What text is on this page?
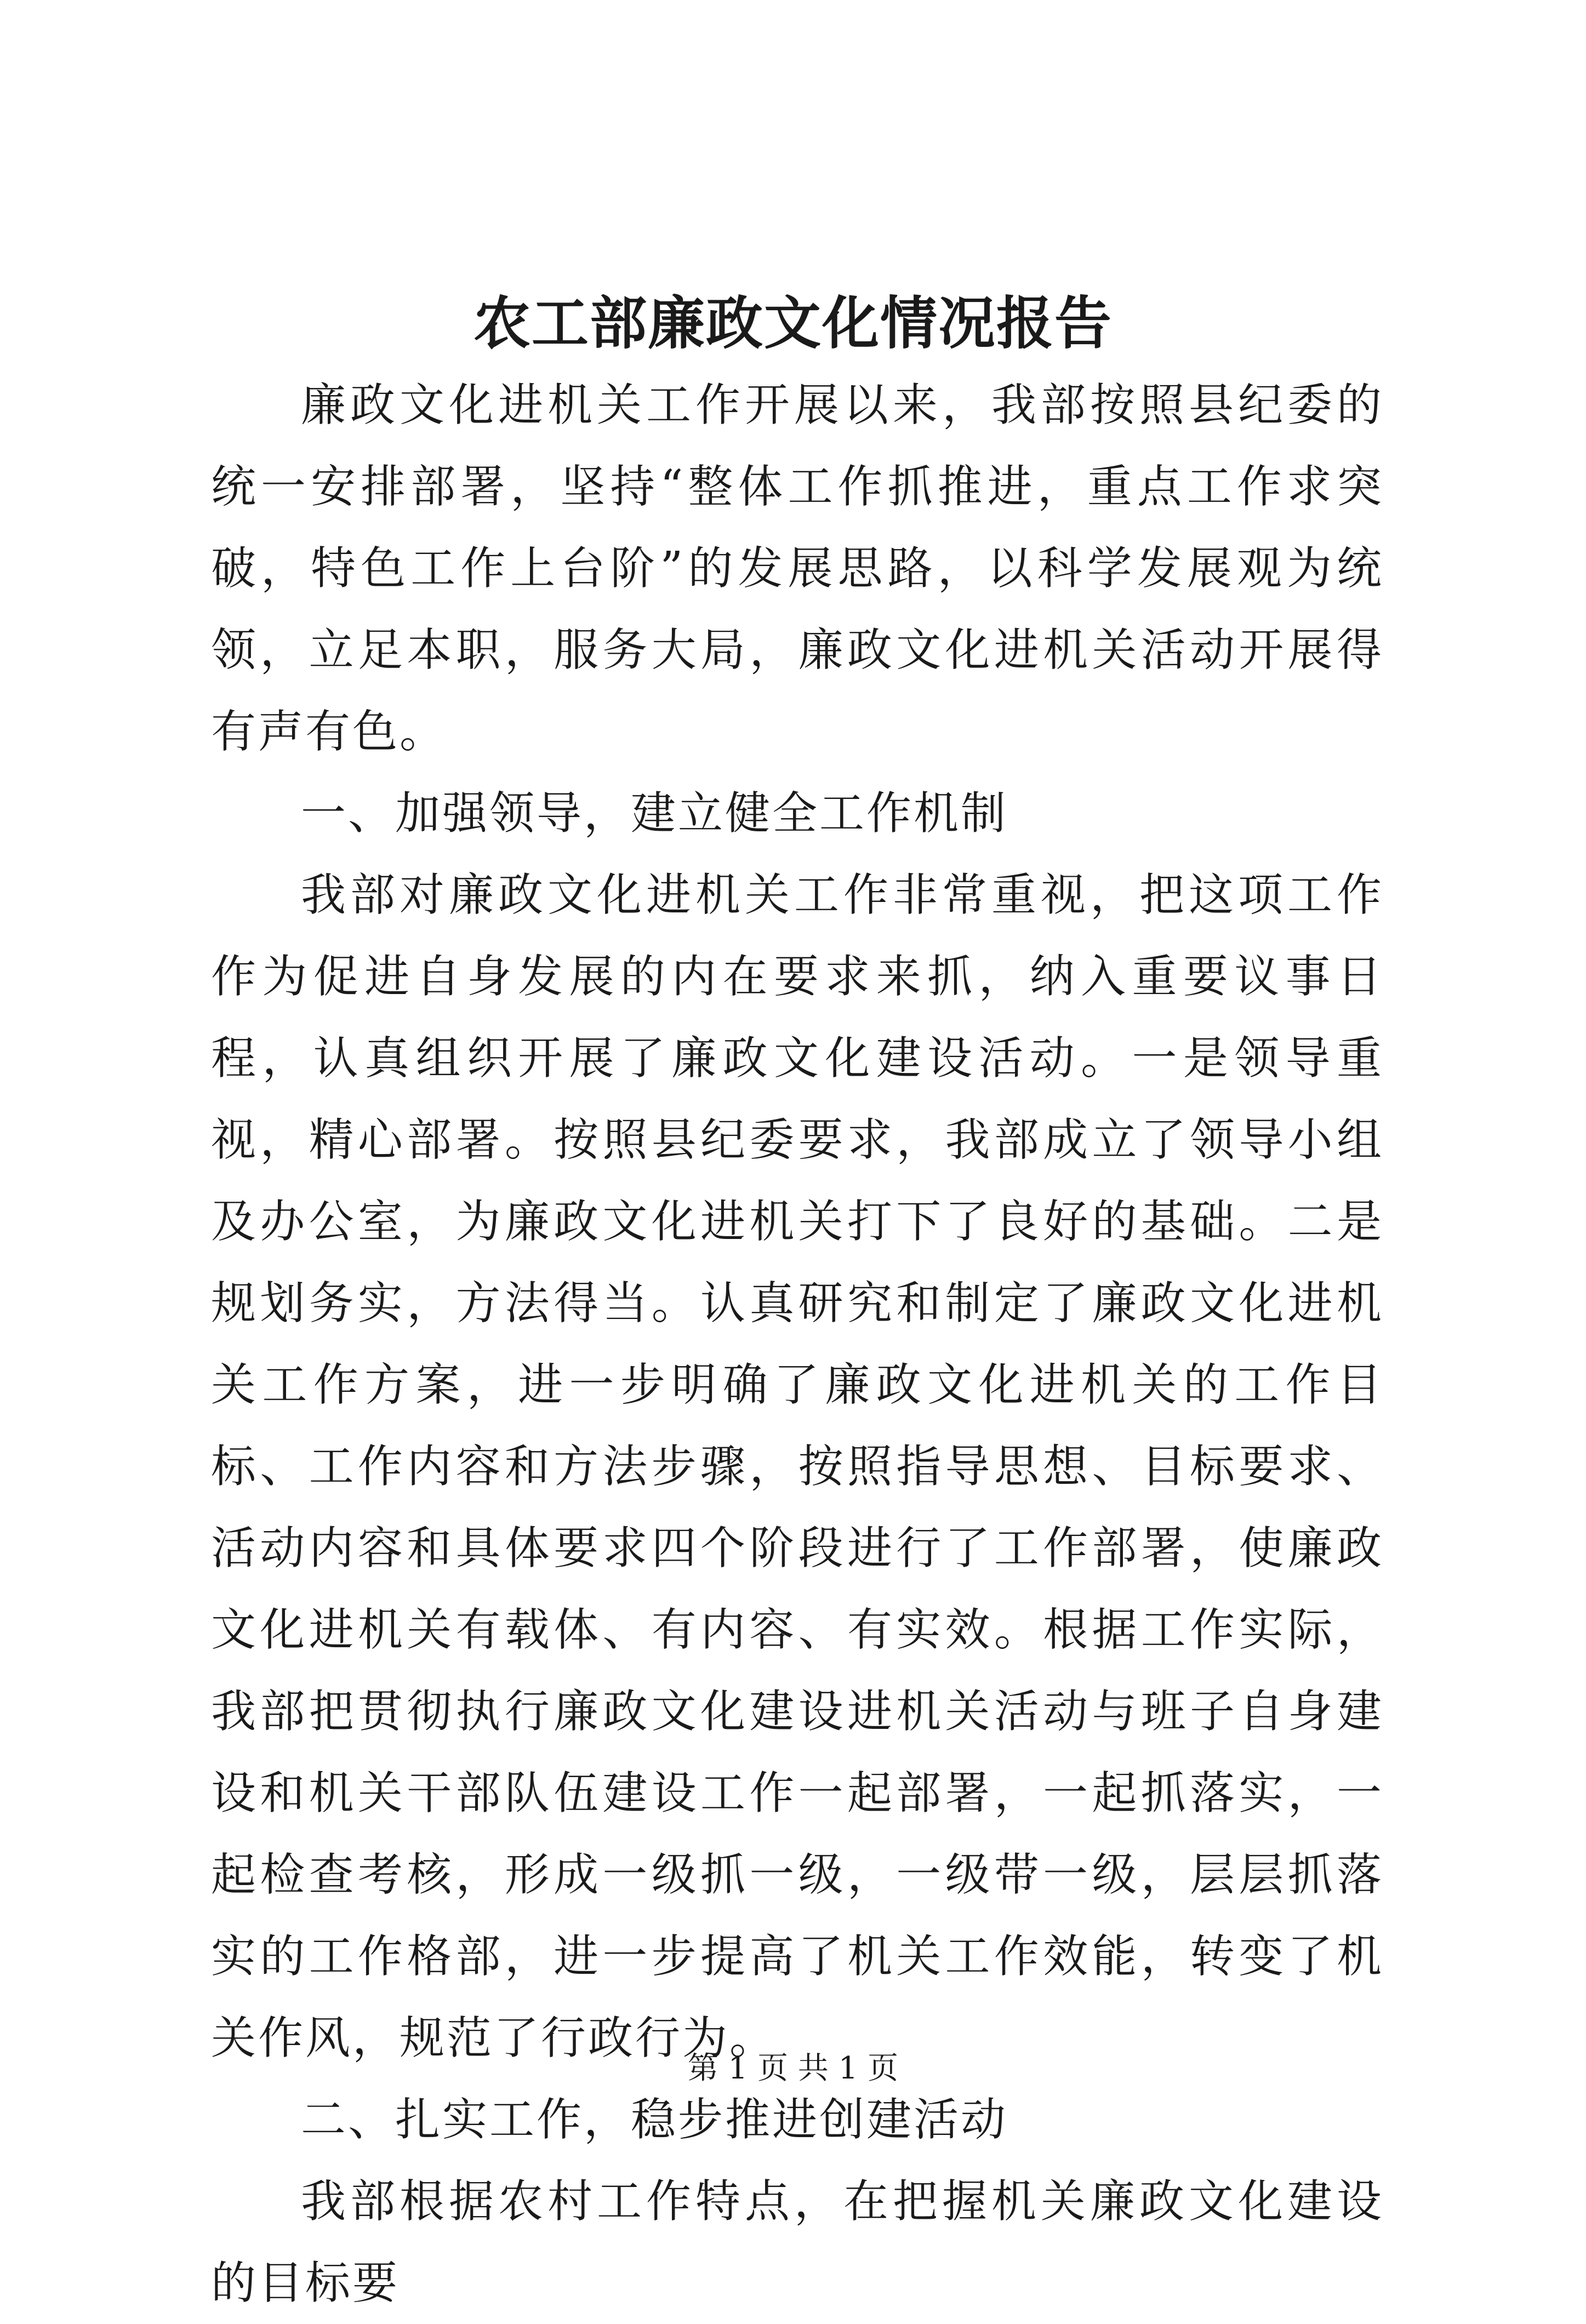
农工部廉政文化情况报告

廉政文化进机关工作开展以来，我部按照县纪委的统一安排部署，坚持“整体工作抓推进，重点工作求突破，特色工作上台阶”的发展思路，以科学发展观为统领，立足本职，服务大局，廉政文化进机关活动开展得有声有色。

一、加强领导，建立健全工作机制

我部对廉政文化进机关工作非常重视，把这项工作作为促进自身发展的内在要求来抓，纳入重要议事日程，认真组织开展了廉政文化建设活动。一是领导重视，精心部署。按照县纪委要求，我部成立了领导小组及办公室，为廉政文化进机关打下了良好的基础。二是规划务实，方法得当。认真研究和制定了廉政文化进机关工作方案，进一步明确了廉政文化进机关的工作目标、工作内容和方法步骤，按照指导思想、目标要求、活动内容和具体要求四个阶段进行了工作部署，使廉政文化进机关有载体、有内容、有实效。根据工作实际，我部把贯彻执行廉政文化建设进机关活动与班子自身建设和机关干部队伍建设工作一起部署，一起抓落实，一起检查考核，形成一级抓一级，一级带一级，层层抓落实的工作格部，进一步提高了机关工作效能，转变了机关作风，规范了行政行为。

二、扎实工作，稳步推进创建活动

我部根据农村工作特点，在把握机关廉政文化建设的目标要

第 1 页 共 1 页
